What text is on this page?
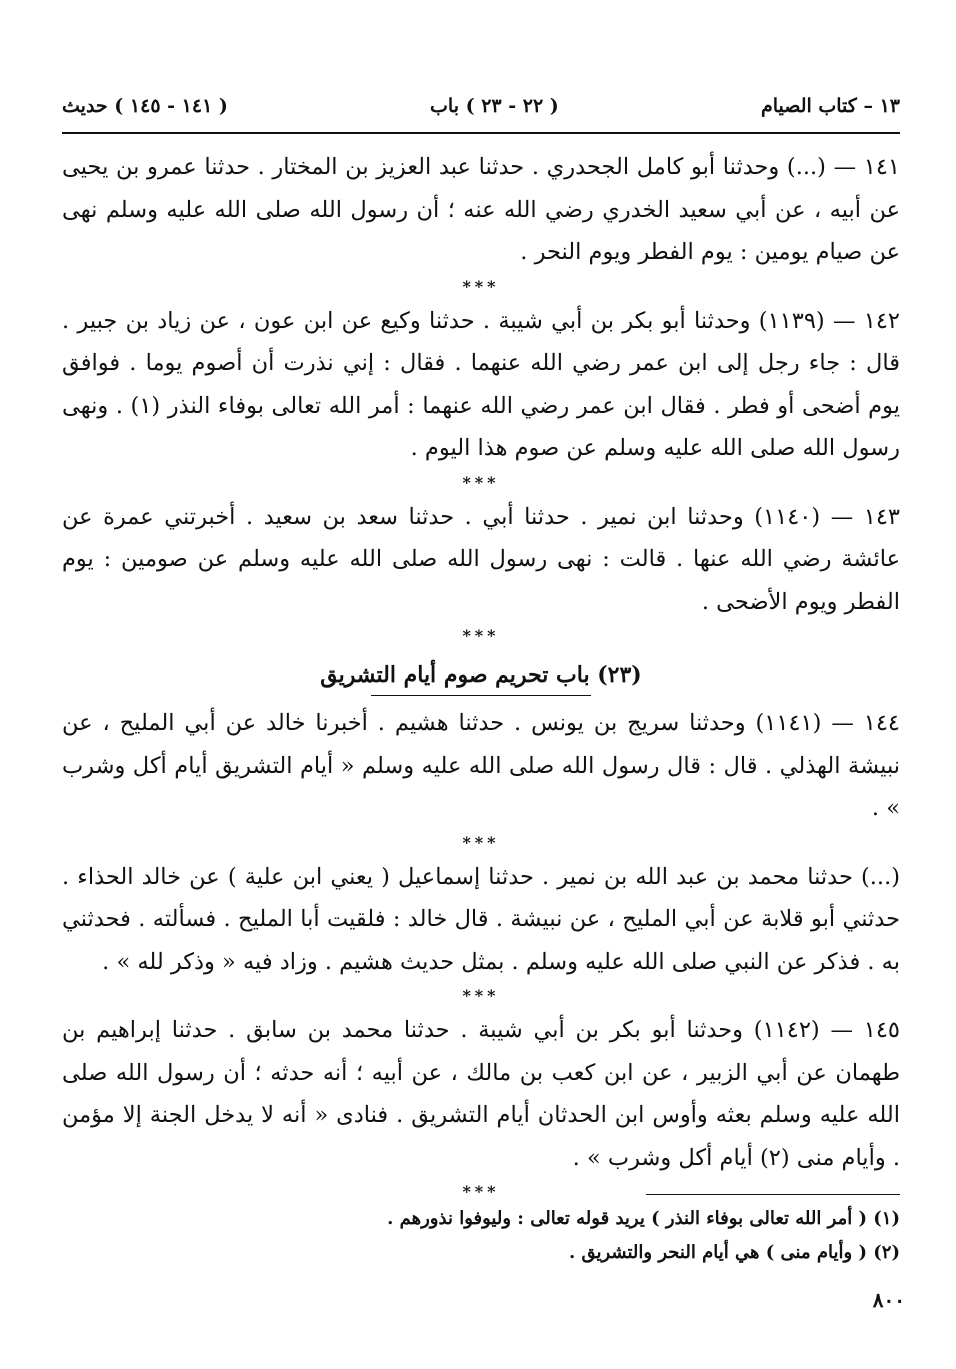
١٣ – كتاب الصيام
( ٢٢ - ٢٣ ) باب
( ١٤١ - ١٤٥ ) حديث

١٤١ — (...) وحدثنا أبو كامل الجحدري . حدثنا عبد العزيز بن المختار . حدثنا عمرو بن يحيى عن أبيه ، عن أبي سعيد الخدري رضي الله عنه ؛ أن رسول الله صلى الله عليه وسلم نهى عن صيام يومين : يوم الفطر ويوم النحر .

***

١٤٢ — (١١٣٩) وحدثنا أبو بكر بن أبي شيبة . حدثنا وكيع عن ابن عون ، عن زياد بن جبير . قال : جاء رجل إلى ابن عمر رضي الله عنهما . فقال : إني نذرت أن أصوم يوما . فوافق يوم أضحى أو فطر . فقال ابن عمر رضي الله عنهما : أمر الله تعالى بوفاء النذر (١) . ونهى رسول الله صلى الله عليه وسلم عن صوم هذا اليوم .

***

١٤٣ — (١١٤٠) وحدثنا ابن نمير . حدثنا أبي . حدثنا سعد بن سعيد . أخبرتني عمرة عن عائشة رضي الله عنها . قالت : نهى رسول الله صلى الله عليه وسلم عن صومين : يوم الفطر ويوم الأضحى .

***
(٢٣) باب تحريم صوم أيام التشريق

١٤٤ — (١١٤١) وحدثنا سريج بن يونس . حدثنا هشيم . أخبرنا خالد عن أبي المليح ، عن نبيشة الهذلي . قال : قال رسول الله صلى الله عليه وسلم « أيام التشريق أيام أكل وشرب » .

***

(...) حدثنا محمد بن عبد الله بن نمير . حدثنا إسماعيل ( يعني ابن علية ) عن خالد الحذاء . حدثني أبو قلابة عن أبي المليح ، عن نبيشة . قال خالد : فلقيت أبا المليح . فسألته . فحدثني به . فذكر عن النبي صلى الله عليه وسلم . بمثل حديث هشيم . وزاد فيه « وذكر لله » .

***

١٤٥ — (١١٤٢) وحدثنا أبو بكر بن أبي شيبة . حدثنا محمد بن سابق . حدثنا إبراهيم بن طهمان عن أبي الزبير ، عن ابن كعب بن مالك ، عن أبيه ؛ أنه حدثه ؛ أن رسول الله صلى الله عليه وسلم بعثه وأوس ابن الحدثان أيام التشريق . فنادى « أنه لا يدخل الجنة إلا مؤمن . وأيام منى (٢) أيام أكل وشرب » .

***

(١) ( أمر الله تعالى بوفاء النذر ) يريد قوله تعالى : وليوفوا نذورهم .

(٢) ( وأيام منى ) هي أيام النحر والتشريق .

٨٠٠
